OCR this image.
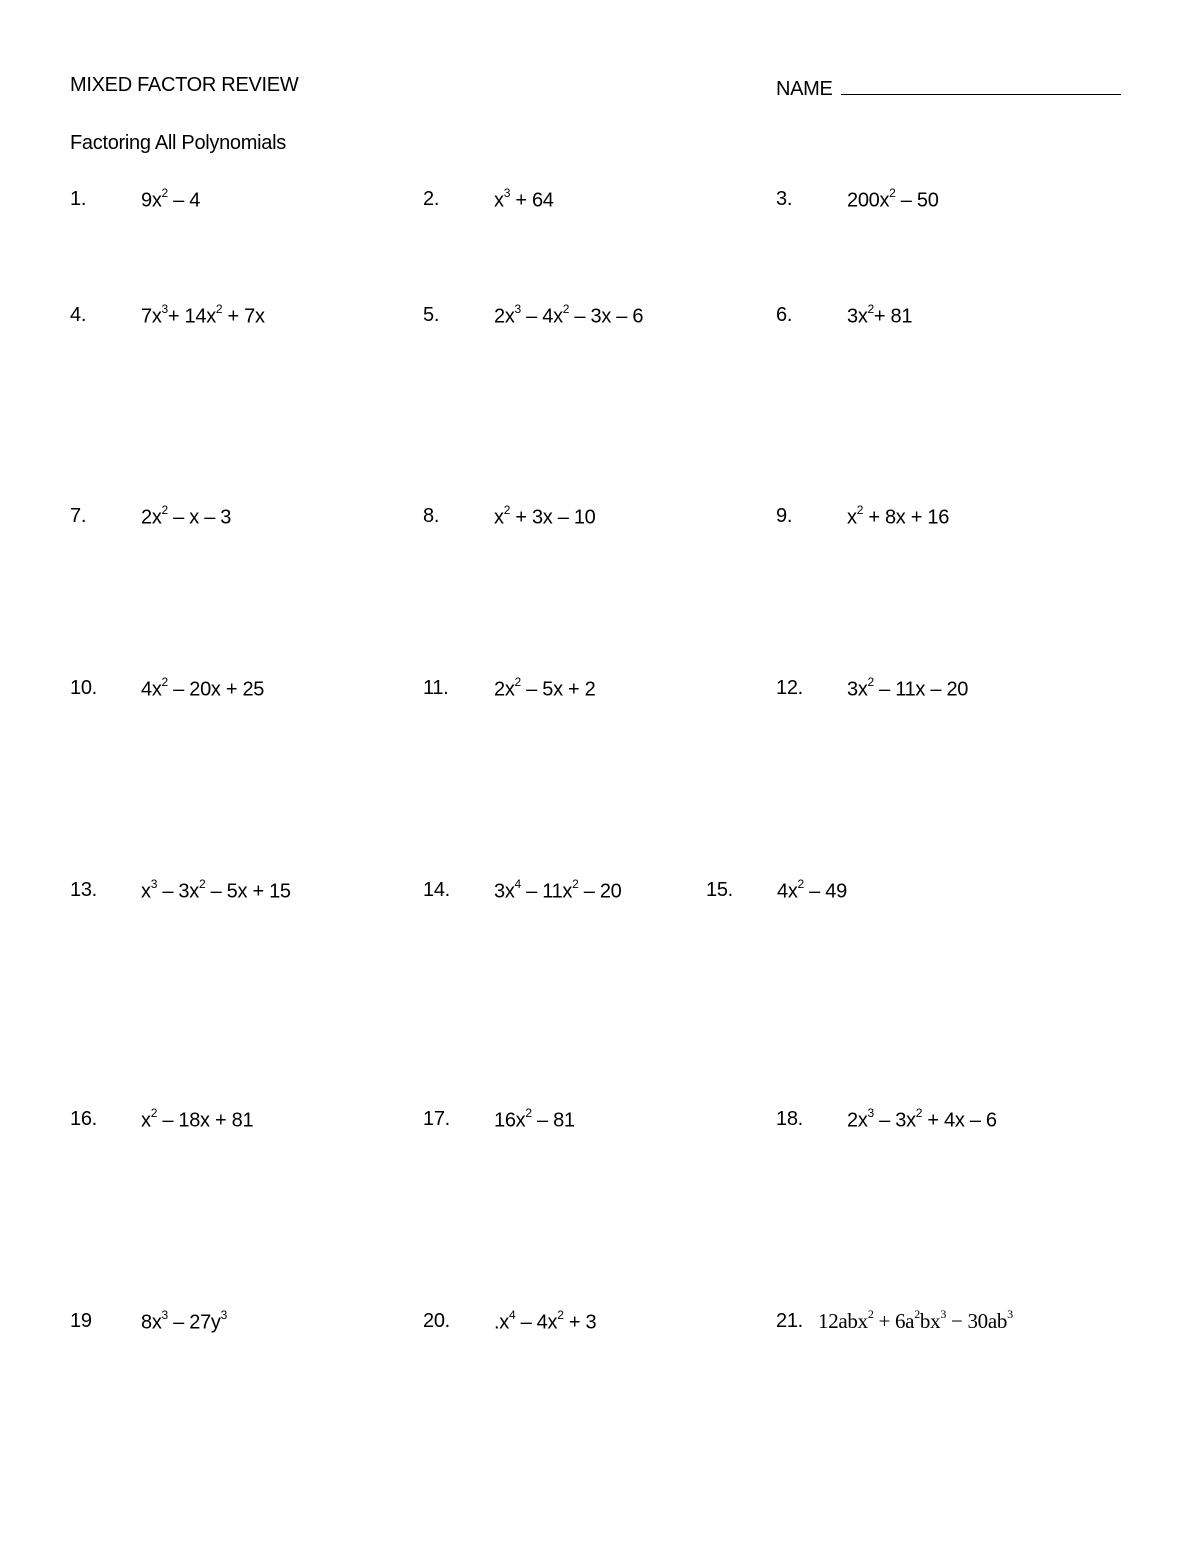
MIXED FACTOR REVIEW	NAME
Factoring All Polynomials
1.	$9x^2 - 4$	2.	$x^3 + 64$	3.	$200x^2 - 50$
4.	$7x^3+ 14x^2 + 7x$	5.	$2x^3 - 4x^2 - 3x - 6$	6.	$3x^2+ 81$
7.	$2x^2$ – x – 3	8.	$x^2 + 3x - 10$	9.	$x^2 + 8x + 16$
10. $4x^2 - 20x + 25$	11. $2x^2 - 5x + 2$	12. $3x^2 - 11x - 20$
13. $x^3 - 3x^2 - 5x + 15$	14. $3x^4 - 11x^2 - 20$	15. $4x^2 - 49$
16. $x^2 - 18x + 81$	17. $16x^2 - 81$	18. $2x^3 - 3x^2 + 4x - 6$
19 $8x^3 - 27y^3$	20. $.x^4 - 4x^2 + 3$	21. $12abx^2 + 6a^2bx^3 - 30ab^3$
